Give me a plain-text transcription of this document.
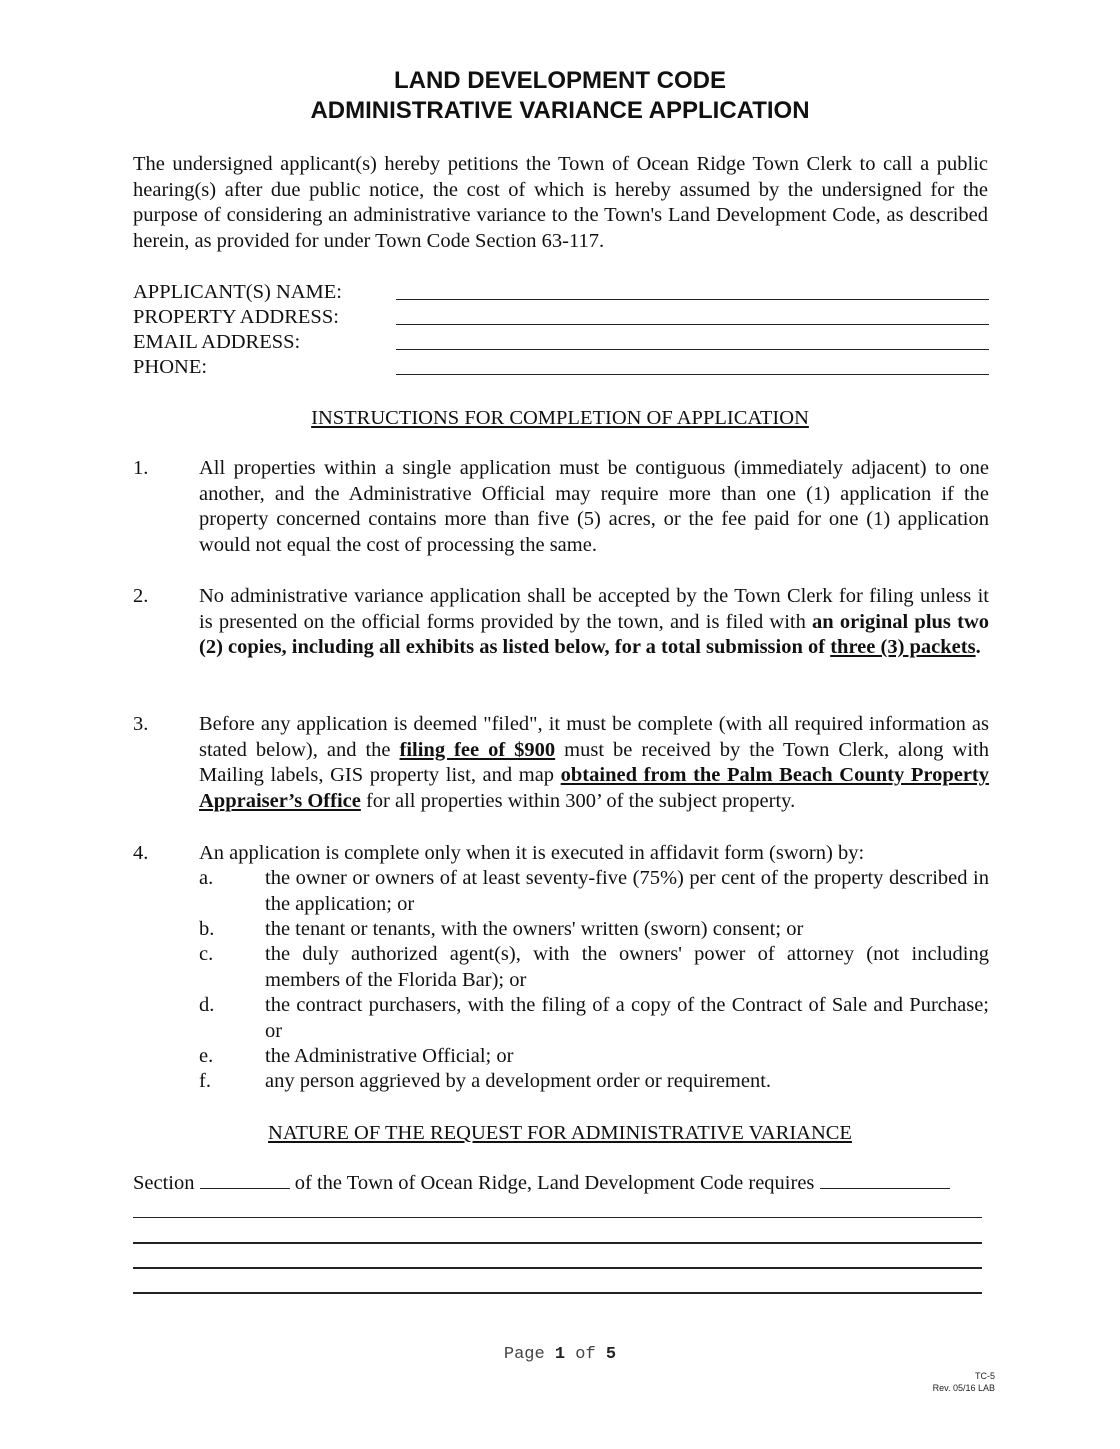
LAND DEVELOPMENT CODE
ADMINISTRATIVE VARIANCE APPLICATION
The undersigned applicant(s) hereby petitions the Town of Ocean Ridge Town Clerk to call a public hearing(s) after due public notice, the cost of which is hereby assumed by the undersigned for the purpose of considering an administrative variance to the Town's Land Development Code, as described herein, as provided for under Town Code Section 63-117.
APPLICANT(S) NAME:
PROPERTY ADDRESS:
EMAIL ADDRESS:
PHONE:
INSTRUCTIONS FOR COMPLETION OF APPLICATION
1. All properties within a single application must be contiguous (immediately adjacent) to one another, and the Administrative Official may require more than one (1) application if the property concerned contains more than five (5) acres, or the fee paid for one (1) application would not equal the cost of processing the same.
2. No administrative variance application shall be accepted by the Town Clerk for filing unless it is presented on the official forms provided by the town, and is filed with an original plus two (2) copies, including all exhibits as listed below, for a total submission of three (3) packets.
3. Before any application is deemed "filed", it must be complete (with all required information as stated below), and the filing fee of $900 must be received by the Town Clerk, along with Mailing labels, GIS property list, and map obtained from the Palm Beach County Property Appraiser’s Office for all properties within 300’ of the subject property.
4. An application is complete only when it is executed in affidavit form (sworn) by:
a.	the owner or owners of at least seventy-five (75%) per cent of the property described in the application; or
b. the tenant or tenants, with the owners' written (sworn) consent; or
c.	the duly authorized agent(s), with the owners' power of attorney (not including members of the Florida Bar); or
d. the contract purchasers, with the filing of a copy of the Contract of Sale and Purchase; or
e.	the Administrative Official; or
f.	any person aggrieved by a development order or requirement.
NATURE OF THE REQUEST FOR ADMINISTRATIVE VARIANCE
Section	of the Town of Ocean Ridge, Land Development Code requires
Page 1 of 5
TC-5
Rev. 05/16 LAB
